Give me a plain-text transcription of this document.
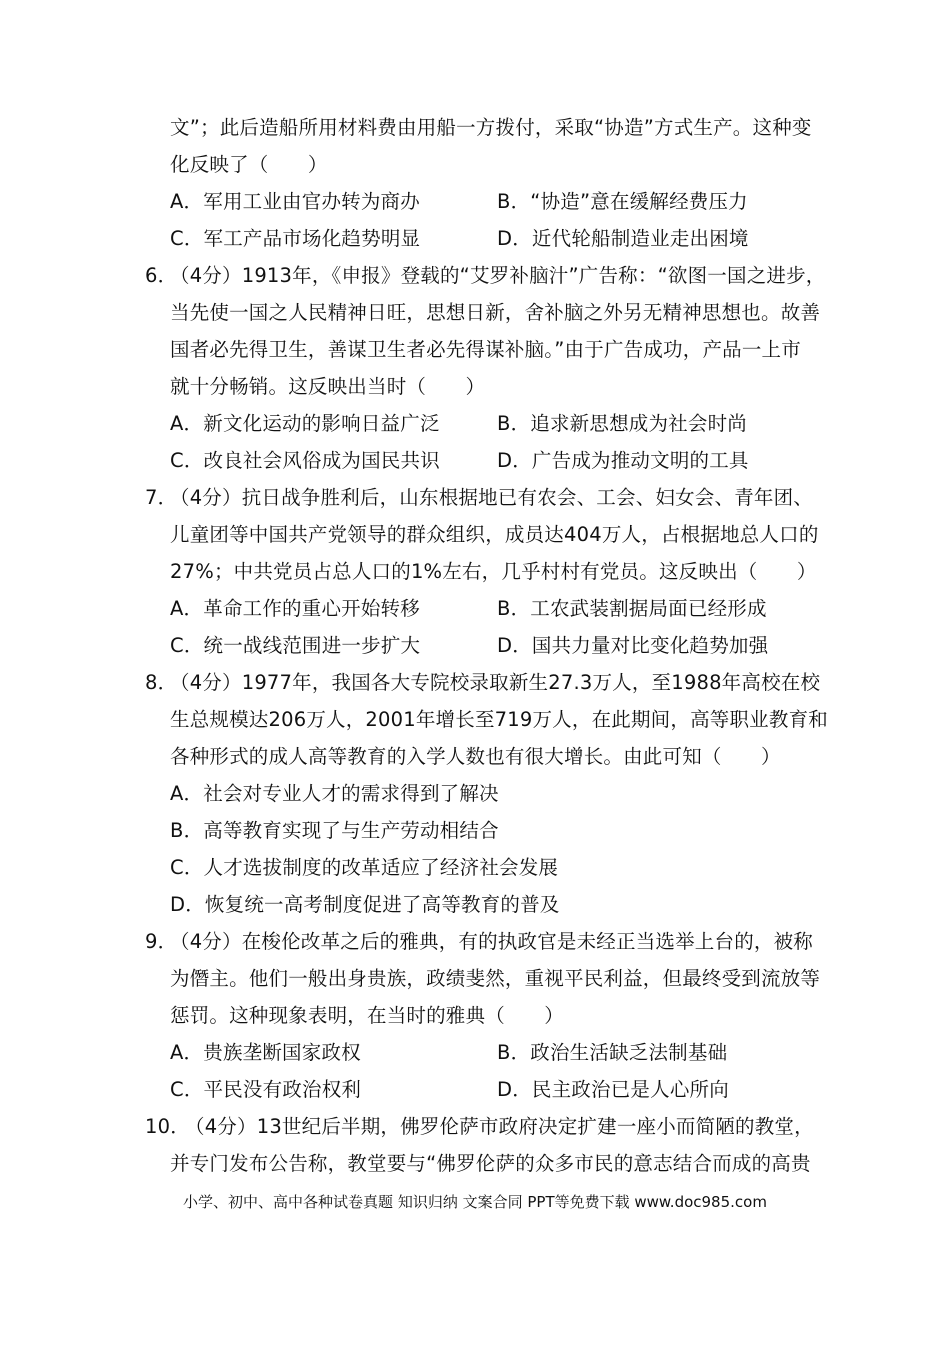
文”；此后造船所用材料费由用船一方拨付，采取“协造”方式生产。这种变
化反映了（　　）
A．军用工业由官办转为商办	B．“协造”意在缓解经费压力
C．军工产品市场化趋势明显	D．近代轮船制造业走出困境
6．
（4分）1913年，《申报》登载的“艾罗补脑汁”广告称：“欲图一国之进步，
当先使一国之人民精神日旺，思想日新，舍补脑之外另无精神思想也。故善
国者必先得卫生，善谋卫生者必先得谋补脑。”由于广告成功，产品一上市
就十分畅销。这反映出当时（　　）
A．新文化运动的影响日益广泛	B．追求新思想成为社会时尚
C．改良社会风俗成为国民共识	D．广告成为推动文明的工具
7．
（4分）抗日战争胜利后，山东根据地已有农会、工会、妇女会、青年团、
儿童团等中国共产党领导的群众组织，成员达404万人，占根据地总人口的
27%；中共党员占总人口的1%左右，几乎村村有党员。这反映出（　　）
A．革命工作的重心开始转移	B．工农武装割据局面已经形成
C．统一战线范围进一步扩大	D．国共力量对比变化趋势加强
8．
（4分）1977年，我国各大专院校录取新生27.3万人，至1988年高校在校
生总规模达206万人，2001年增长至719万人，在此期间，高等职业教育和
各种形式的成人高等教育的入学人数也有很大增长。由此可知（　　）
A．社会对专业人才的需求得到了解决
B．高等教育实现了与生产劳动相结合
C．人才选拔制度的改革适应了经济社会发展
D．恢复统一高考制度促进了高等教育的普及
9．
（4分）在梭伦改革之后的雅典，有的执政官是未经正当选举上台的，被称
为僭主。他们一般出身贵族，政绩斐然，重视平民利益，但最终受到流放等
惩罚。这种现象表明，在当时的雅典（　　）
A．贵族垄断国家政权	B．政治生活缺乏法制基础
C．平民没有政治权利	D．民主政治已是人心所向
10．
（4分）13世纪后半期，佛罗伦萨市政府决定扩建一座小而简陋的教堂，
并专门发布公告称，教堂要与“佛罗伦萨的众多市民的意志结合而成的高贵
小学、初中、高中各种试卷真题 知识归纳 文案合同 PPT等免费下载 www.doc985.com
